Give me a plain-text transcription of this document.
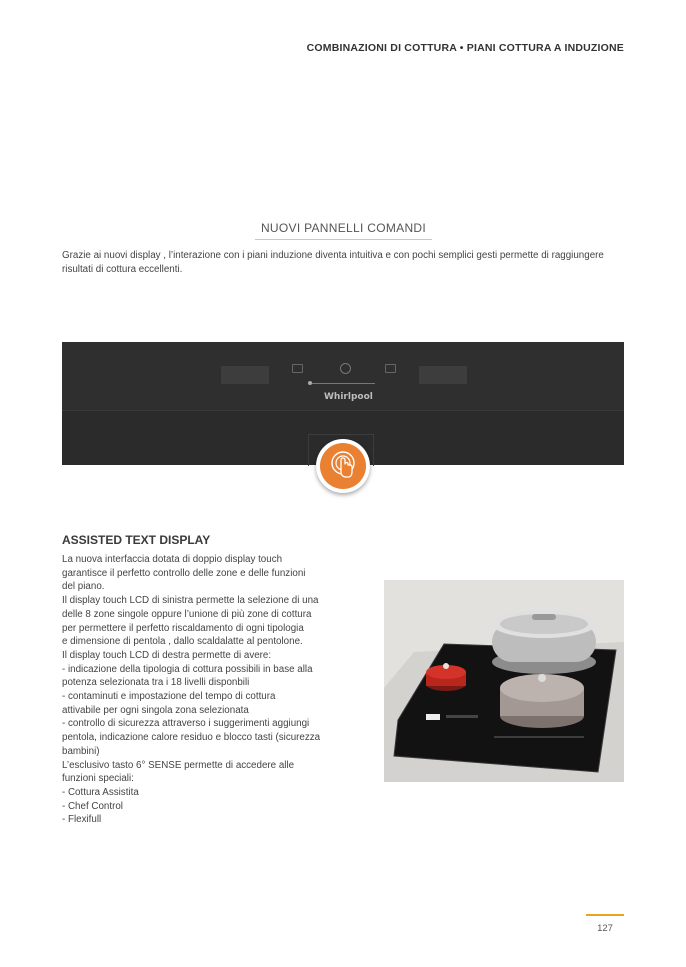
COMBINAZIONI DI COTTURA • PIANI COTTURA A INDUZIONE
NUOVI PANNELLI COMANDI
Grazie ai nuovi display , l’interazione con i piani induzione diventa intuitiva e con pochi semplici gesti permette di raggiungere risultati di cottura eccellenti.
Whirlpool
ASSISTED TEXT DISPLAY
La nuova interfaccia dotata di doppio display touch
garantisce il perfetto controllo delle zone e delle funzioni
del piano.
Il display touch LCD di sinistra permette la selezione di una
delle 8 zone singole oppure l’unione di più zone di cottura
per permettere il perfetto riscaldamento di ogni tipologia
e dimensione di pentola , dallo scaldalatte al pentolone.
Il display touch LCD di destra permette di avere:
- indicazione della tipologia di cottura possibili in base alla
potenza selezionata tra i 18 livelli disponbili
- contaminuti e impostazione del tempo di cottura
attivabile per ogni singola zona selezionata
- controllo di sicurezza attraverso i suggerimenti aggiungi
pentola, indicazione calore residuo e blocco tasti (sicurezza
bambini)
L’esclusivo tasto 6° SENSE permette di accedere alle
funzioni speciali:
- Cottura Assistita
- Chef Control
- Flexifull
127
